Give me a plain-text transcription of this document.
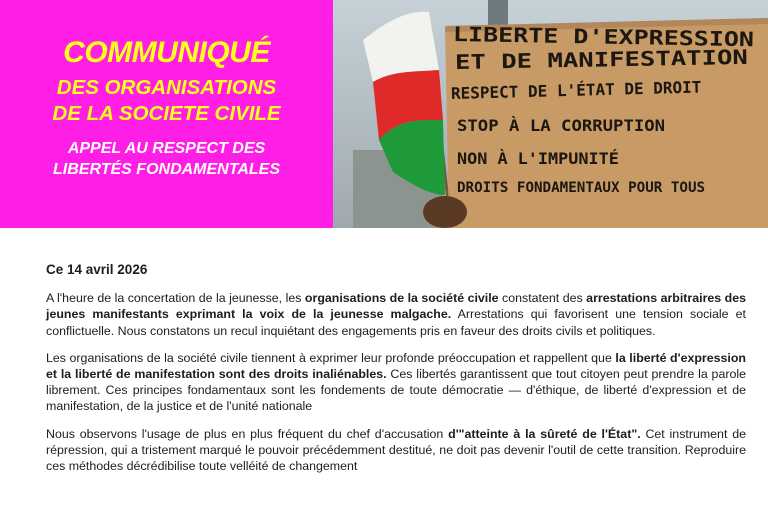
COMMUNIQUÉ
DES ORGANISATIONS
DE LA SOCIETE CIVILE
APPEL AU RESPECT DES
LIBERTÉS FONDAMENTALES
LIBERTE D'EXPRESSION
ET DE MANIFESTATION
RESPECT DE L'ÉTAT DE DROIT
STOP À LA CORRUPTION
NON À L'IMPUNITÉ
DROITS FONDAMENTAUX POUR TOUS
Ce 14 avril 2026

A l'heure de la concertation de la jeunesse, les organisations de la société civile constatent des arrestations arbitraires des jeunes manifestants exprimant la voix de la jeunesse malgache. Arrestations qui favorisent une tension sociale et conflictuelle. Nous constatons un recul inquiétant des engagements pris en faveur des droits civils et politiques.

Les organisations de la société civile tiennent à exprimer leur profonde préoccupation et rappellent que la liberté d'expression et la liberté de manifestation sont des droits inaliénables. Ces libertés garantissent que tout citoyen peut prendre la parole librement. Ces principes fondamentaux sont les fondements de toute démocratie — d'éthique, de liberté d'expression et de manifestation, de la justice et de l'unité nationale

Nous observons l'usage de plus en plus fréquent du chef d'accusation d'"atteinte à la sûreté de l'État". Cet instrument de répression, qui a tristement marqué le pouvoir précédemment destitué, ne doit pas devenir l'outil de cette transition. Reproduire ces méthodes décrédibilise toute velléité de changement
